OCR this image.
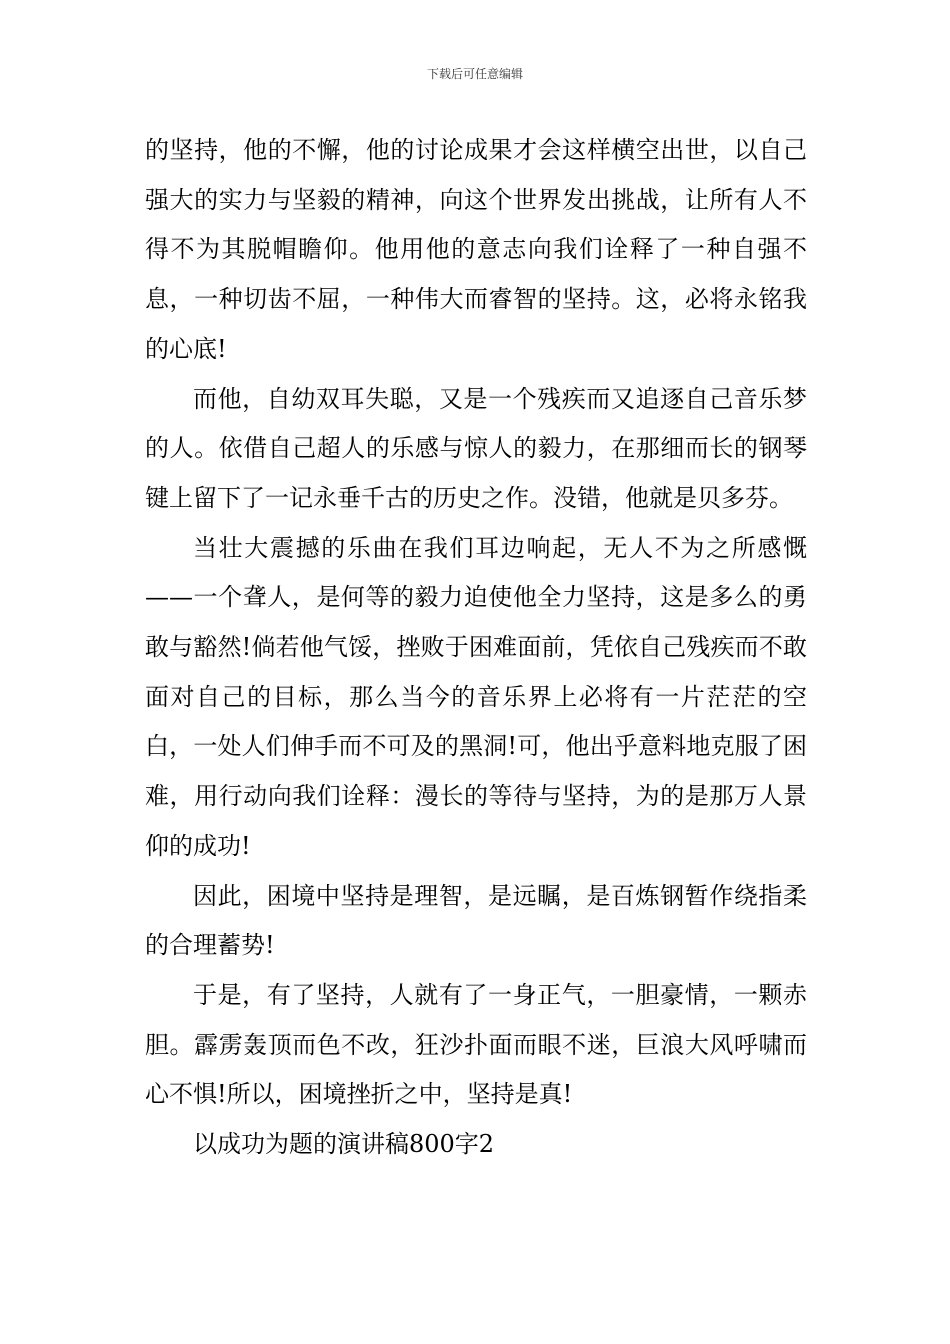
下载后可任意编辑

的坚持，他的不懈，他的讨论成果才会这样横空出世，以自己强大的实力与坚毅的精神，向这个世界发出挑战，让所有人不得不为其脱帽瞻仰。他用他的意志向我们诠释了一种自强不息，一种切齿不屈，一种伟大而睿智的坚持。这，必将永铭我的心底!

而他，自幼双耳失聪，又是一个残疾而又追逐自己音乐梦的人。依借自己超人的乐感与惊人的毅力，在那细而长的钢琴键上留下了一记永垂千古的历史之作。没错，他就是贝多芬。

当壮大震撼的乐曲在我们耳边响起，无人不为之所感慨——一个聋人，是何等的毅力迫使他全力坚持，这是多么的勇敢与豁然!倘若他气馁，挫败于困难面前，凭依自己残疾而不敢面对自己的目标，那么当今的音乐界上必将有一片茫茫的空白，一处人们伸手而不可及的黑洞!可，他出乎意料地克服了困难，用行动向我们诠释：漫长的等待与坚持，为的是那万人景仰的成功!

因此，困境中坚持是理智，是远瞩，是百炼钢暂作绕指柔的合理蓄势!

于是，有了坚持，人就有了一身正气，一胆豪情，一颗赤胆。霹雳轰顶而色不改，狂沙扑面而眼不迷，巨浪大风呼啸而心不惧!所以，困境挫折之中，坚持是真!

以成功为题的演讲稿800字2
